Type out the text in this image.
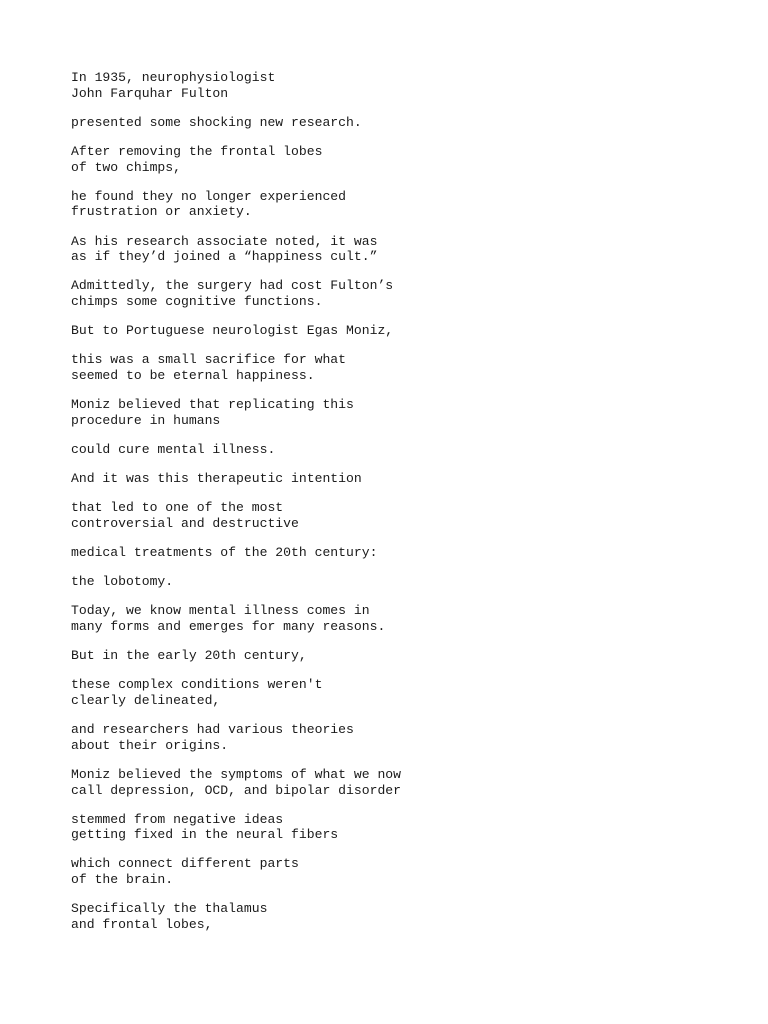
In 1935, neurophysiologist
John Farquhar Fulton

presented some shocking new research.

After removing the frontal lobes
of two chimps,

he found they no longer experienced
frustration or anxiety.

As his research associate noted, it was
as if they’d joined a “happiness cult.”

Admittedly, the surgery had cost Fulton’s
chimps some cognitive functions.

But to Portuguese neurologist Egas Moniz,

this was a small sacrifice for what
seemed to be eternal happiness.

Moniz believed that replicating this
procedure in humans

could cure mental illness.

And it was this therapeutic intention

that led to one of the most
controversial and destructive

medical treatments of the 20th century:

the lobotomy.

Today, we know mental illness comes in
many forms and emerges for many reasons.

But in the early 20th century,

these complex conditions weren't
clearly delineated,

and researchers had various theories
about their origins.

Moniz believed the symptoms of what we now
call depression, OCD, and bipolar disorder

stemmed from negative ideas
getting fixed in the neural fibers

which connect different parts
of the brain.

Specifically the thalamus
and frontal lobes,
